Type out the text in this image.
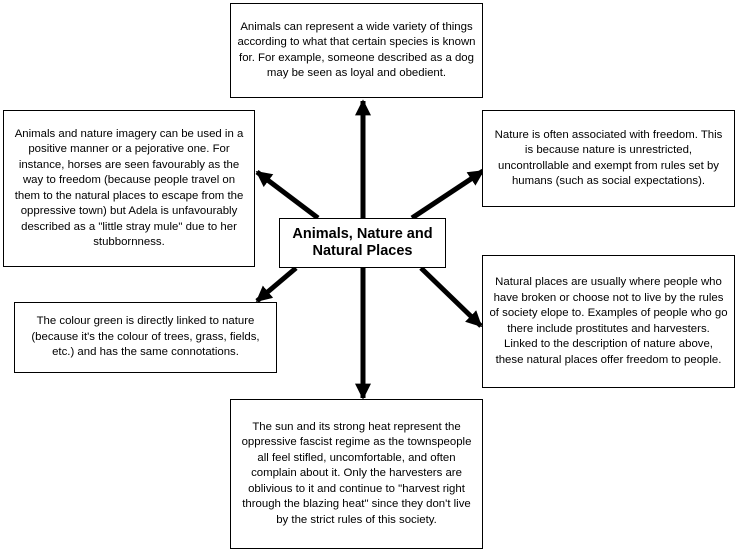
Animals can represent a wide variety of things according to what that certain species is known for. For example, someone described as a dog may be seen as loyal and obedient.
Animals and nature imagery can be used in a positive manner or a pejorative one. For instance, horses are seen favourably as the way to freedom (because people travel on them to the natural places to escape from the oppressive town) but Adela is unfavourably described as a "little stray mule" due to her stubbornness.
Nature is often associated with freedom. This is because nature is unrestricted, uncontrollable and exempt from rules set by humans (such as social expectations).
Animals, Nature and Natural Places
The colour green is directly linked to nature (because it's the colour of trees, grass, fields, etc.) and has the same connotations.
Natural places are usually where people who have broken or choose not to live by the rules of society elope to. Examples of people who go there include prostitutes and harvesters. Linked to the description of nature above, these natural places offer freedom to people.
The sun and its strong heat represent the oppressive fascist regime as the townspeople all feel stifled, uncomfortable, and often complain about it. Only the harvesters are oblivious to it and continue to "harvest right through the blazing heat" since they don't live by the strict rules of this society.
